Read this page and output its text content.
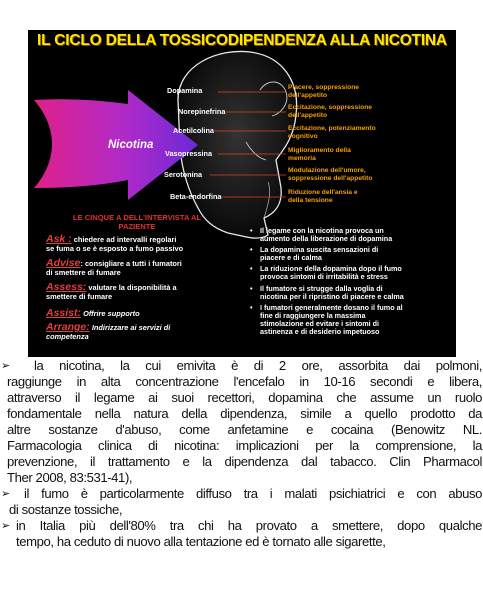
IL CICLO DELLA TOSSICODIPENDENZA ALLA NICOTINA
Dopamina
Norepinefrina
Acetilcolina
Vasopressina
Serotonina
Beta-endorfina
Nicotina
Piacere, soppressione
dell'appetito
Eccitazione, soppressione
dell'appetito
Eccitazione, potenziamento
cognitivo
Miglioramento della
memoria
Modulazione dell'umore,
soppressione dell'appetito
Riduzione dell'ansia e
della tensione
LE CINQUE A DELL'INTERVISTA AL
PAZIENTE
Ask : chiedere ad intervalli regolari
se fuma o se è esposto a fumo passivo
Advise: consigliare a tutti i fumatori
di smettere di fumare
Assess: valutare la disponibilità a
smettere di fumare
Assist: Offrire supporto
Arrange: Indirizzare ai servizi di
competenza
• Il legame con la nicotina provoca un
aumento della liberazione di dopamina
• La dopamina suscita sensazioni di
piacere e di calma
• La riduzione della dopamina dopo il fumo
provoca sintomi di irritabilità e stress
• Il fumatore si strugge dalla voglia di
nicotina per il ripristino di piacere e calma
• I fumatori generalmente dosano il fumo al
fine di raggiungere la massima
stimolazione ed evitare i sintomi di
astinenza e di desiderio impetuoso
➢	la nicotina, la cui emivita è di 2 ore, assorbita dai polmoni,
raggiunge in alta concentrazione l'encefalo in 10-16 secondi e libera,
attraverso il legame ai suoi recettori, dopamina che assume un ruolo
fondamentale nella natura della dipendenza, simile a quello prodotto da
altre sostanze d'abuso, come anfetamine e cocaina (Benowitz NL.
Farmacologia clinica di nicotina: implicazioni per la comprensione, la
prevenzione, il trattamento e la dipendenza dal tabacco. Clin Pharmacol
Ther 2008, 83:531-41),
➢	il fumo è particolarmente diffuso tra i malati psichiatrici e con abuso
di sostanze tossiche,
➢ in Italia più dell'80% tra chi ha provato a smettere, dopo qualche
tempo, ha ceduto di nuovo alla tentazione ed è tornato alle sigarette,
